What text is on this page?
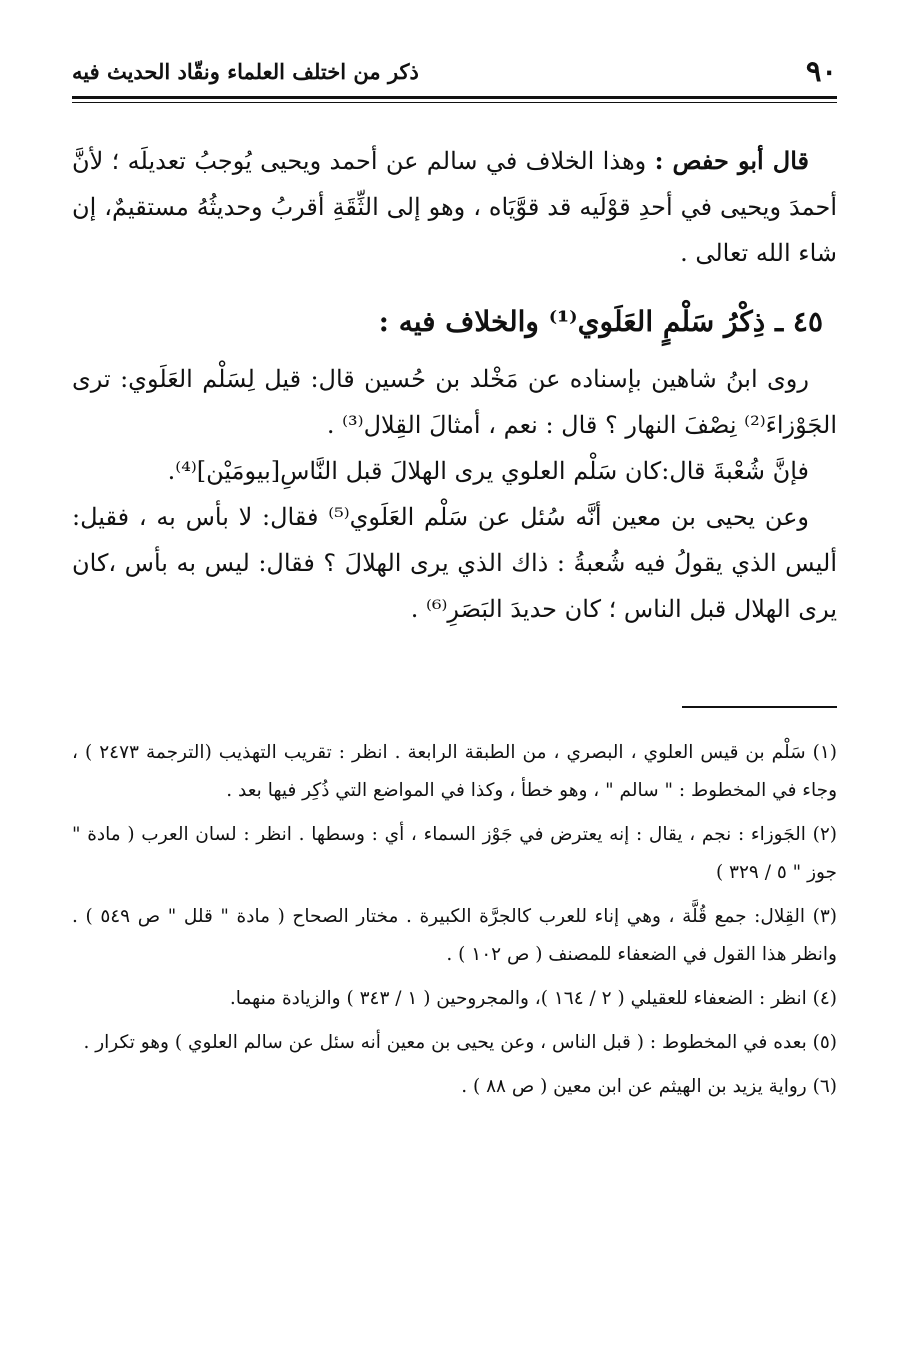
٩٠
ذكر من اختلف العلماء ونقّاد الحديث فيه

قال أبو حفص : وهذا الخلاف في سالم عن أحمد ويحيى يُوجبُ تعديلَه ؛ لأنَّ أحمدَ ويحيى في أحدِ قوْلَيه قد قوَّيَاه ، وهو إلى الثِّقَةِ أقربُ وحديثُهُ مستقيمٌ، إن شاء الله تعالى .

٤٥ ـ ذِكْرُ سَلْمٍ العَلَوي⁽¹⁾ والخلاف فيه :

روى ابنُ شاهين بإسناده عن مَخْلد بن حُسين قال: قيل لِسَلْم العَلَوي: ترى الجَوْزاءَ⁽²⁾ نِصْفَ النهار ؟ قال : نعم ، أمثالَ القِلال⁽³⁾ .

فإنَّ شُعْبةَ قال:كان سَلْم العلوي يرى الهلالَ قبل النَّاسِ[بيومَيْن]⁽⁴⁾.

وعن يحيى بن معين أنَّه سُئل عن سَلْم العَلَوي⁽⁵⁾ فقال: لا بأس به ، فقيل: أليس الذي يقولُ فيه شُعبةُ : ذاك الذي يرى الهلالَ ؟ فقال: ليس به بأس ،كان يرى الهلال قبل الناس ؛ كان حديدَ البَصَرِ⁽⁶⁾ .

(١) سَلْم بن قيس العلوي ، البصري ، من الطبقة الرابعة . انظر : تقريب التهذيب (الترجمة ٢٤٧٣ ) ، وجاء في المخطوط : " سالم " ، وهو خطأ ، وكذا في المواضع التي ذُكِر فيها بعد .

(٢) الجَوزاء : نجم ، يقال : إنه يعترض في جَوْز السماء ، أي : وسطها . انظر : لسان العرب ( مادة " جوز " ٥ / ٣٢٩ )

(٣) القِلال: جمع قُلَّة ، وهي إناء للعرب كالجرَّة الكبيرة . مختار الصحاح ( مادة " قلل " ص ٥٤٩ ) . وانظر هذا القول في الضعفاء للمصنف ( ص ١٠٢ ) .

(٤) انظر : الضعفاء للعقيلي ( ٢ / ١٦٤ )، والمجروحين ( ١ / ٣٤٣ ) والزيادة منهما.

(٥) بعده في المخطوط : ( قبل الناس ، وعن يحيى بن معين أنه سئل عن سالم العلوي ) وهو تكرار .

(٦) رواية يزيد بن الهيثم عن ابن معين ( ص ٨٨ ) .
